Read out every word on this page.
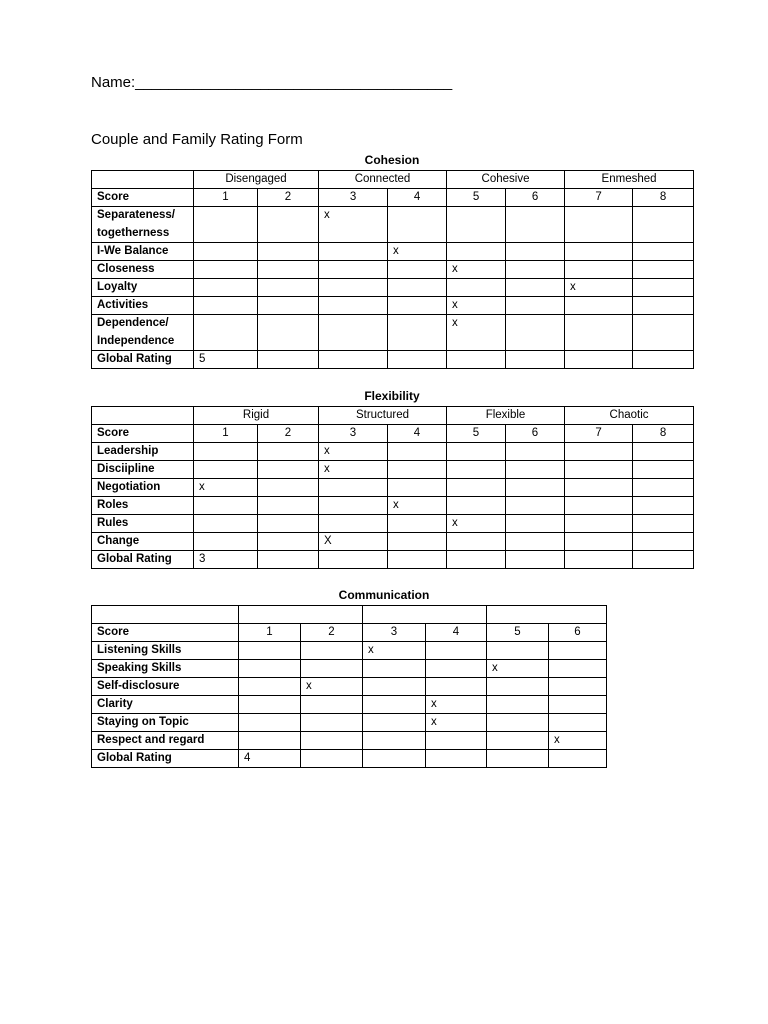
Name:______________________________________
Couple and Family Rating Form
Cohesion
	Disengaged		Connected		Cohesive		Enmeshed	
Score	1	2	3	4	5	6	7	8
Separateness/ togetherness			x					
I-We Balance				x				
Closeness					x			
Loyalty							x	
Activities					x			
Dependence/ Independence					x			
Global Rating	5							
Flexibility
	Rigid		Structured		Flexible		Chaotic	
Score	1	2	3	4	5	6	7	8
Leadership			x					
Disciipline			x					
Negotiation	x							
Roles				x				
Rules					x			
Change			X					
Global Rating	3							
Communication

Score	1	2	3	4	5	6
Listening Skills			x			
Speaking Skills					x	
Self-disclosure		x				
Clarity				x		
Staying on Topic				x		
Respect and regard						x
Global Rating	4					
